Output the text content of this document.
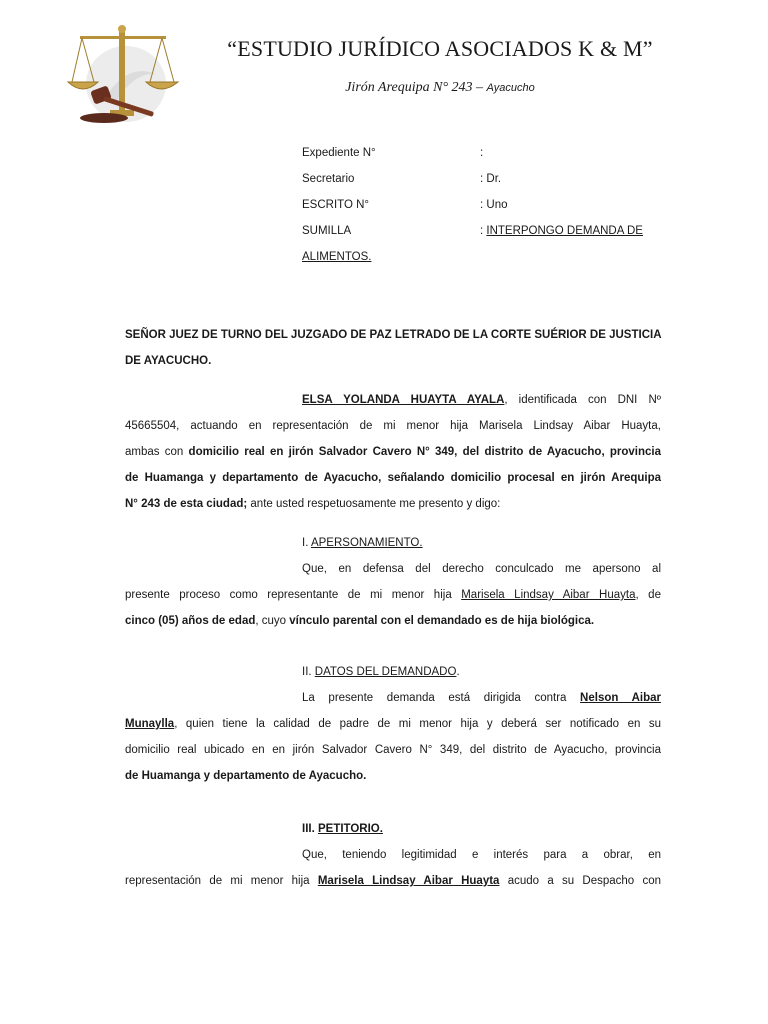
“ESTUDIO JURÍDICO ASOCIADOS K & M”
Jirón Arequipa N° 243 – Ayacucho
Expediente N°	:
Secretario	: Dr.
ESCRITO N°	: Uno
SUMILLA	: INTERPONGO DEMANDA DE
ALIMENTOS.
SEÑOR JUEZ DE TURNO DEL JUZGADO DE PAZ LETRADO DE LA CORTE SUÉRIOR DE JUSTICIA
DE AYACUCHO.
ELSA YOLANDA HUAYTA AYALA, identificada con DNI Nº
45665504, actuando en representación de mi menor hija Marisela Lindsay Aibar Huayta,
ambas con domicilio real en jirón Salvador Cavero N° 349, del distrito de Ayacucho, provincia
de Huamanga y departamento de Ayacucho, señalando domicilio procesal en jirón Arequipa
N° 243 de esta ciudad; ante usted respetuosamente me presento y digo:
I. APERSONAMIENTO.
Que, en defensa del derecho conculcado me apersono al
presente proceso como representante de mi menor hija Marisela Lindsay Aibar Huayta, de
cinco (05) años de edad, cuyo vínculo parental con el demandado es de hija biológica.
II. DATOS DEL DEMANDADO.
La presente demanda está dirigida contra Nelson Aibar
Munaylla, quien tiene la calidad de padre de mi menor hija y deberá ser notificado en su
domicilio real ubicado en en jirón Salvador Cavero N° 349, del distrito de Ayacucho, provincia
de Huamanga y departamento de Ayacucho.
III. PETITORIO.
Que, teniendo legitimidad e interés para a obrar, en
representación de mi menor hija Marisela Lindsay Aibar Huayta acudo a su Despacho con
